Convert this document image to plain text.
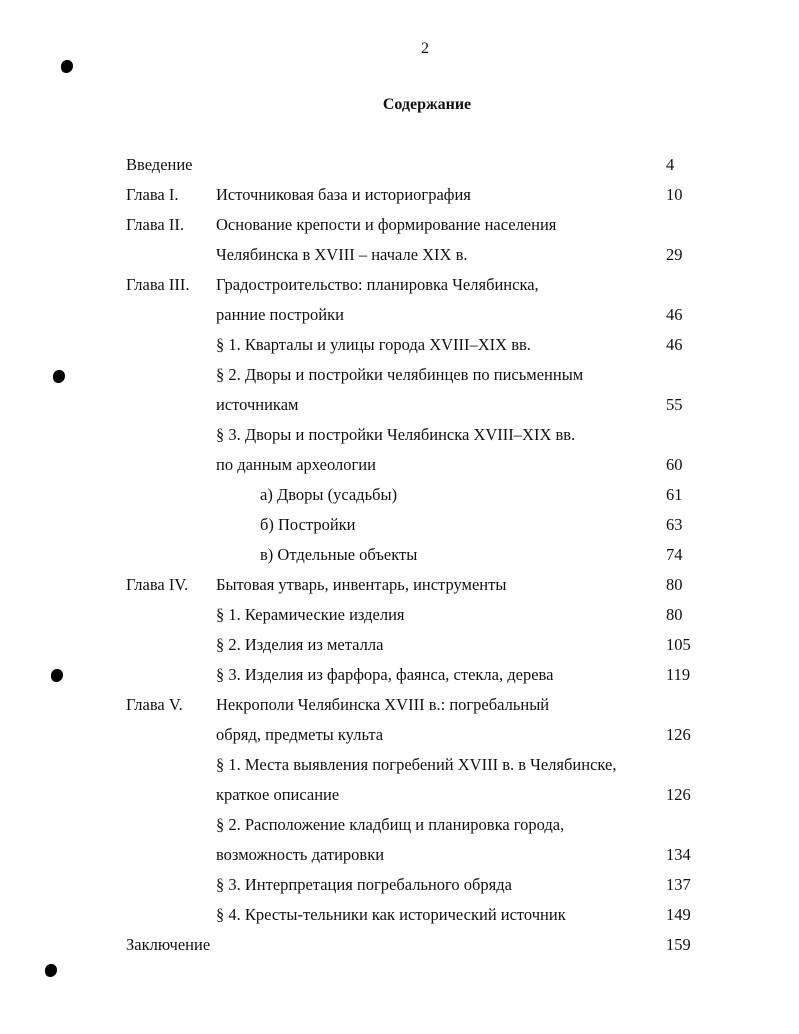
2
Содержание
Введение	4
Глава I. Источниковая база и историография	10
Глава II. Основание крепости и формирование населения
Челябинска в XVIII – начале XIX в.	29
Глава III. Градостроительство: планировка Челябинска,
ранние постройки	46
§ 1. Кварталы и улицы города XVIII–XIX вв.	46
§ 2. Дворы и постройки челябинцев по письменным
источникам	55
§ 3. Дворы и постройки Челябинска XVIII–XIX вв.
по данным археологии	60
а) Дворы (усадьбы)	61
б) Постройки	63
в) Отдельные объекты	74
Глава IV. Бытовая утварь, инвентарь, инструменты	80
§ 1. Керамические изделия	80
§ 2. Изделия из металла	105
§ 3. Изделия из фарфора, фаянса, стекла, дерева	119
Глава V. Некрополи Челябинска XVIII в.: погребальный
обряд, предметы культа	126
§ 1. Места выявления погребений XVIII в. в Челябинске,
краткое описание	126
§ 2. Расположение кладбищ и планировка города,
возможность датировки	134
§ 3. Интерпретация погребального обряда	137
§ 4. Кресты-тельники как исторический источник	149
Заключение	159
